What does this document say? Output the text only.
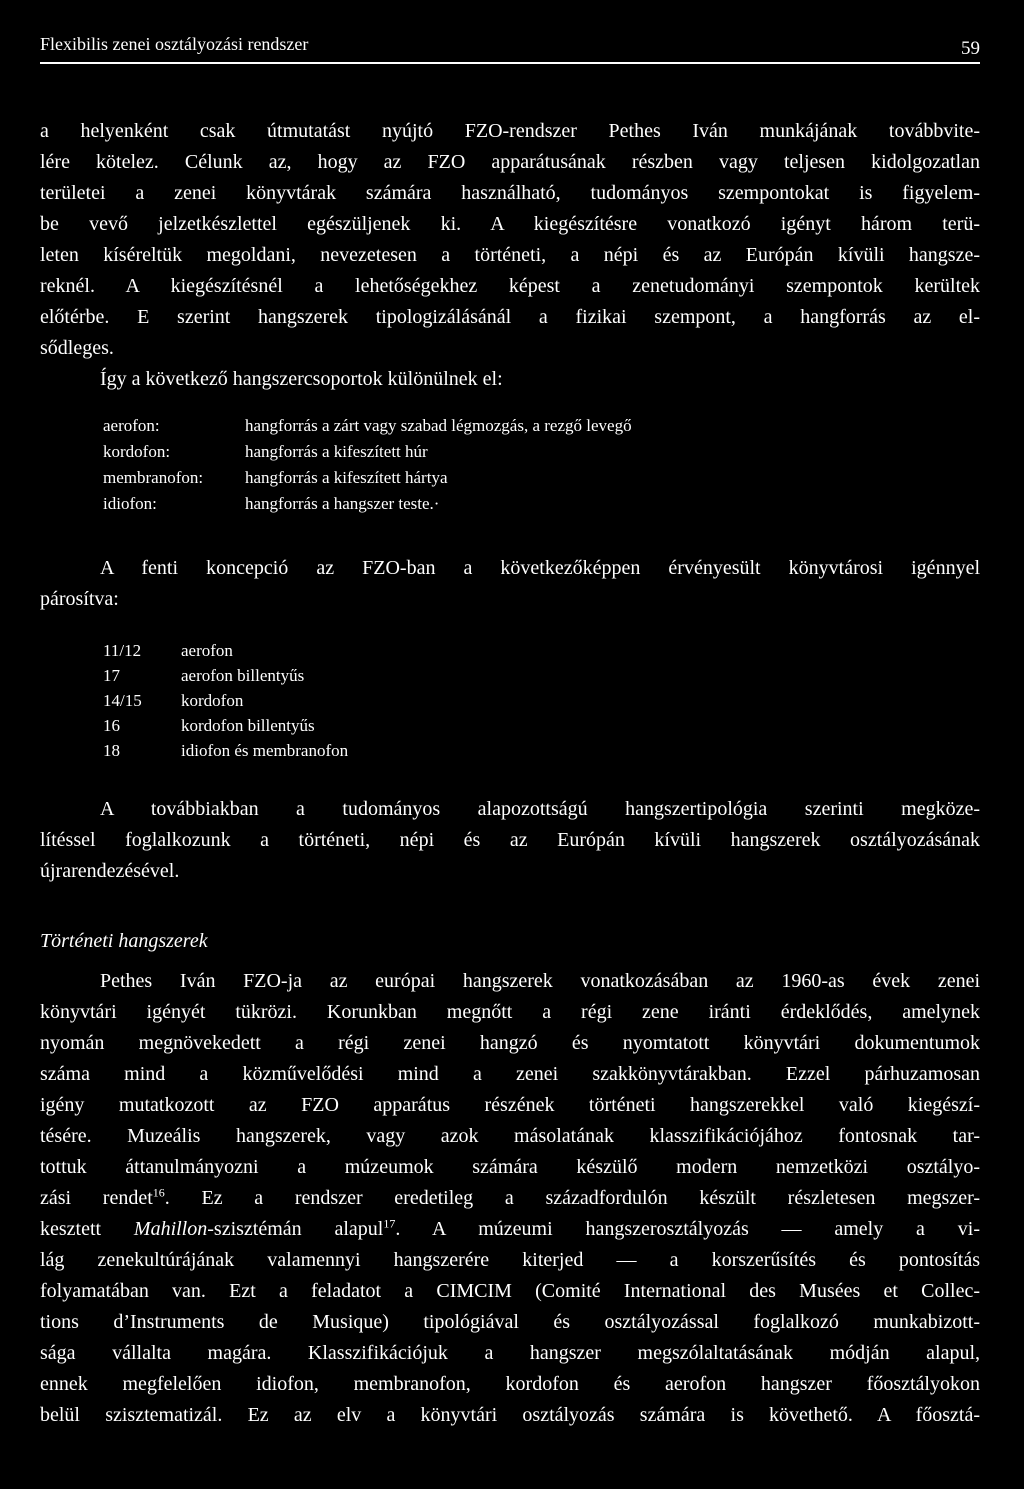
Flexibilis zenei osztályozási rendszer	59
a helyenként csak útmutatást nyújtó FZO-rendszer Pethes Iván munkájának továbbvite-
lére kötelez. Célunk az, hogy az FZO apparátusának részben vagy teljesen kidolgozatlan
területei a zenei könyvtárak számára használható, tudományos szempontokat is figyelem-
be vevő jelzetkészlettel egészüljenek ki. A kiegészítésre vonatkozó igényt három terü-
leten kíséreltük megoldani, nevezetesen a történeti, a népi és az Európán kívüli hangsze-
reknél. A kiegészítésnél a lehetőségekhez képest a zenetudományi szempontok kerültek
előtérbe. E szerint hangszerek tipologizálásánál a fizikai szempont, a hangforrás az el-
sődleges.
Így a következő hangszercsoportok különülnek el:
aerofon:	hangforrás a zárt vagy szabad légmozgás, a rezgő levegő
kordofon:	hangforrás a kifeszített húr
membranofon: hangforrás a kifeszített hártya
idiofon:	hangforrás a hangszer teste.·
A fenti koncepció az FZO-ban a következőképpen érvényesült könyvtárosi igénnyel
párosítva:
11/12 aerofon
17	aerofon billentyűs
14/15 kordofon
16	kordofon billentyűs
18	idiofon és membranofon
A továbbiakban a tudományos alapozottságú hangszertipológia szerinti megköze-
lítéssel foglalkozunk a történeti, népi és az Európán kívüli hangszerek osztályozásának
újrarendezésével.
Történeti hangszerek
Pethes Iván FZO-ja az európai hangszerek vonatkozásában az 1960-as évek zenei
könyvtári igényét tükrözi. Korunkban megnőtt a régi zene iránti érdeklődés, amelynek
nyomán megnövekedett a régi zenei hangzó és nyomtatott könyvtári dokumentumok
száma mind a közművelődési mind a zenei szakkönyvtárakban. Ezzel párhuzamosan
igény mutatkozott az FZO apparátus részének történeti hangszerekkel való kiegészí-
tésére. Muzeális hangszerek, vagy azok másolatának klasszifikációjához fontosnak tar-
tottuk áttanulmányozni a múzeumok számára készülő modern nemzetközi osztályo-
zási rendet$^{16}$. Ez a rendszer eredetileg a századfordulón készült részletesen megszer-
kesztett Mahillon-szisztémán alapul$^{17}$. A múzeumi hangszerosztályozás — amely a vi-
lág zenekultúrájának valamennyi hangszerére kiterjed — a korszerűsítés és pontosítás
folyamatában van. Ezt a feladatot a CIMCIM (Comité International des Musées et Collec-
tions d’Instruments de Musique) tipológiával és osztályozással foglalkozó munkabizott-
sága vállalta magára. Klasszifikációjuk a hangszer megszólaltatásának módján alapul,
ennek megfelelően idiofon, membranofon, kordofon és aerofon hangszer főosztályokon
belül szisztematizál. Ez az elv a könyvtári osztályozás számára is követhető. A főosztá-
